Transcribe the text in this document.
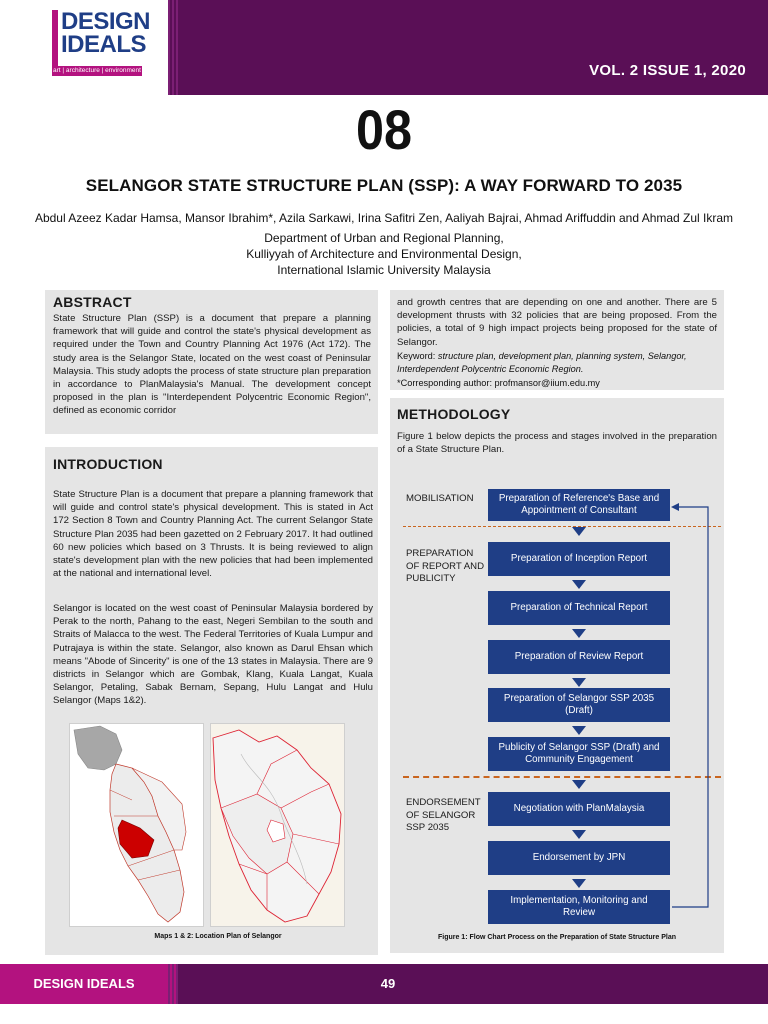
DESIGN
IDEALS
art | architecture | environment	VOL. 2 ISSUE 1, 2020
08
SELANGOR STATE STRUCTURE PLAN (SSP): A WAY FORWARD TO 2035
Abdul Azeez Kadar Hamsa, Mansor Ibrahim*, Azila Sarkawi, Irina Safitri Zen, Aaliyah Bajrai, Ahmad Ariffuddin and Ahmad Zul Ikram
Department of Urban and Regional Planning,
Kulliyyah of Architecture and Environmental Design,
International Islamic University Malaysia
ABSTRACT
State Structure Plan (SSP) is a document that prepare a planning framework that will guide and control the state's physical development as required under the Town and Country Planning Act 1976 (Act 172). The study area is the Selangor State, located on the west coast of Peninsular Malaysia. This study adopts the process of state structure plan preparation in accordance to PlanMalaysia's Manual. The development concept proposed in the plan is "Interdependent Polycentric Economic Region", defined as economic corridor
and growth centres that are depending on one and another. There are 5 development thrusts with 32 policies that are being proposed. From the policies, a total of 9 high impact projects being proposed for the state of Selangor.
Keyword: structure plan, development plan, planning system, Selangor, Interdependent Polycentric Economic Region.
*Corresponding author: profmansor@iium.edu.my
INTRODUCTION
State Structure Plan is a document that prepare a planning framework that will guide and control state's physical development. This is stated in Act 172 Section 8 Town and Country Planning Act. The current Selangor State Structure Plan 2035 had been gazetted on 2 February 2017. It had outlined 60 new policies which based on 3 Thrusts. It is being reviewed to align state's development plan with the new policies that had been implemented at the national and international level.
Selangor is located on the west coast of Peninsular Malaysia bordered by Perak to the north, Pahang to the east, Negeri Sembilan to the south and Straits of Malacca to the west. The Federal Territories of Kuala Lumpur and Putrajaya is within the state. Selangor, also known as Darul Ehsan which means "Abode of Sincerity" is one of the 13 states in Malaysia. There are 9 districts in Selangor which are Gombak, Klang, Kuala Langat, Kuala Selangor, Petaling, Sabak Bernam, Sepang, Hulu Langat and Hulu Selangor (Maps 1&2).
Maps 1 & 2: Location Plan of Selangor
METHODOLOGY
Figure 1 below depicts the process and stages involved in the preparation of a State Structure Plan.
MOBILISATION
PREPARATION OF REPORT AND PUBLICITY
ENDORSEMENT OF SELANGOR SSP 2035
Preparation of Reference's Base and Appointment of Consultant
Preparation of Inception Report
Preparation of Technical Report
Preparation of Review Report
Preparation of Selangor SSP 2035 (Draft)
Publicity of Selangor SSP (Draft) and Community Engagement
Negotiation with PlanMalaysia
Endorsement by JPN
Implementation, Monitoring and Review
Figure 1: Flow Chart Process on the Preparation of State Structure Plan
DESIGN IDEALS	49
